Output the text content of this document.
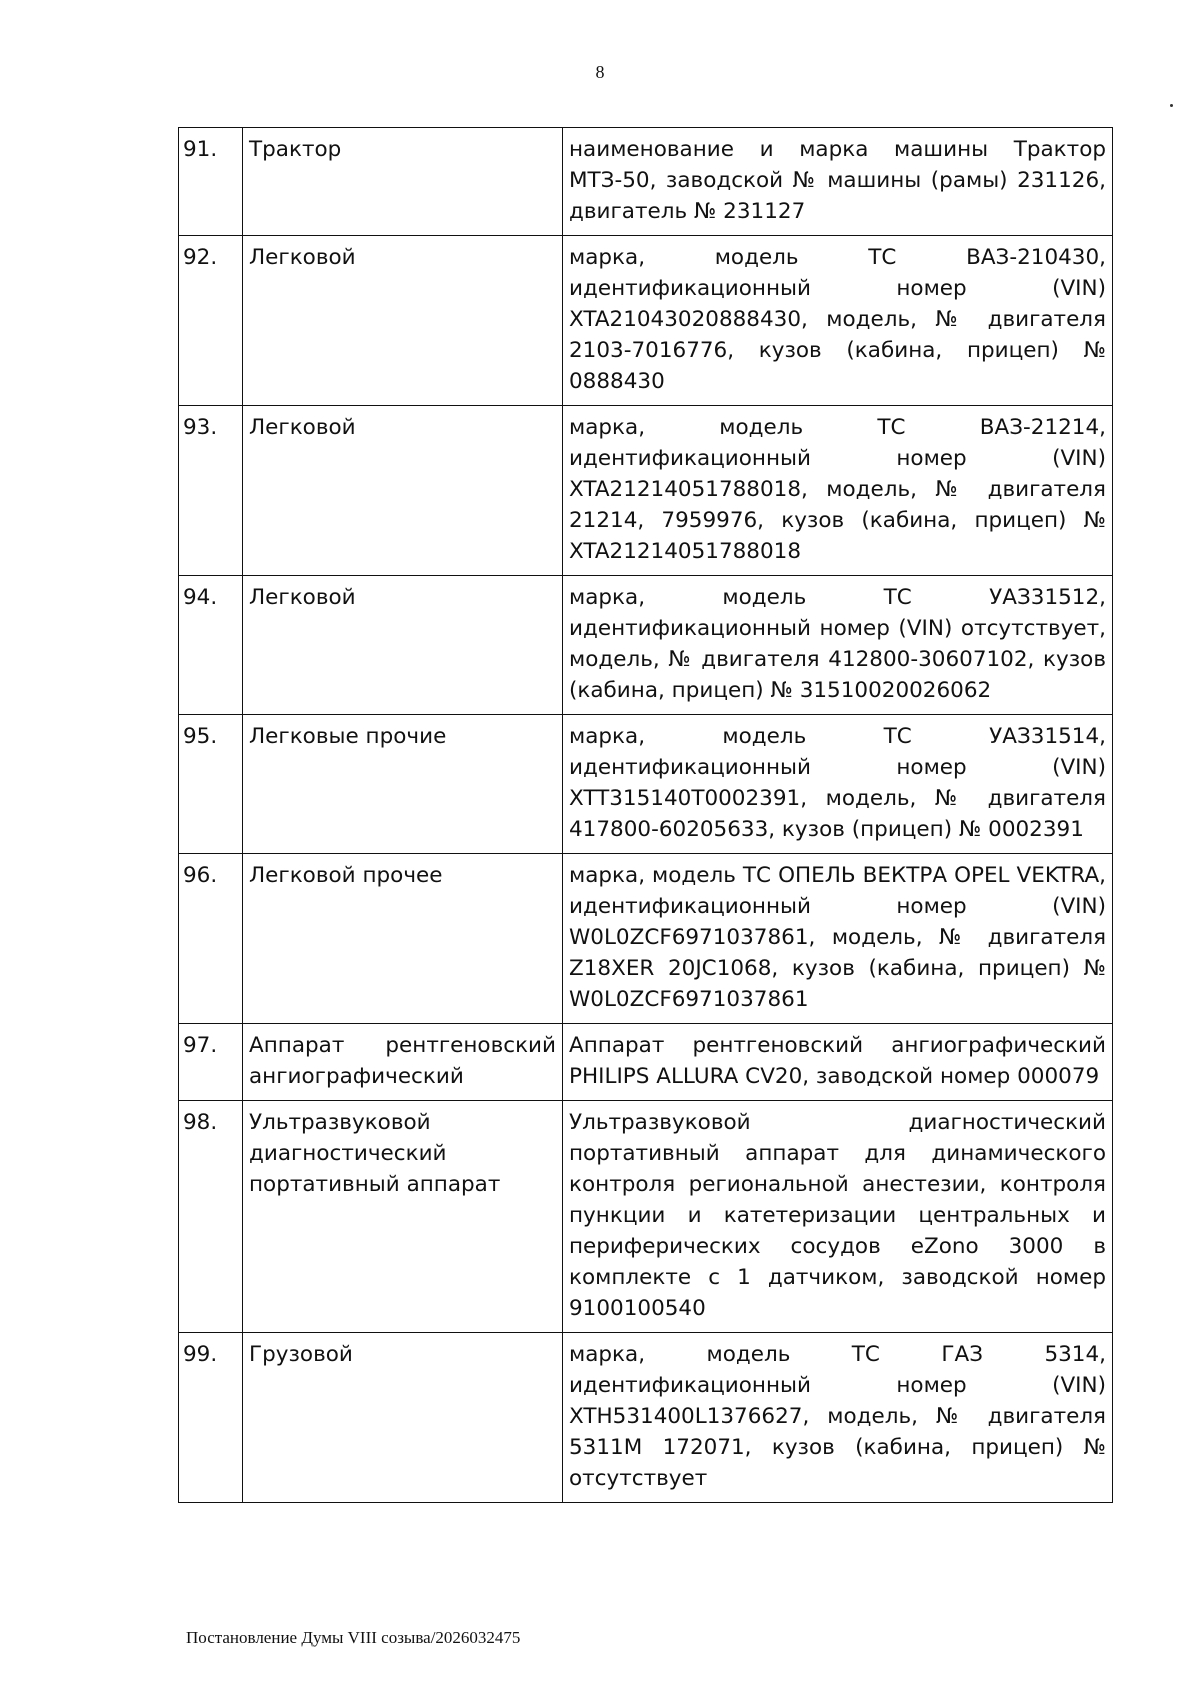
8
91.	Трактор	наименование и марка машины Трактор МТЗ-50, заводской № машины (рамы) 231126, двигатель № 231127
92.	Легковой	марка, модель ТС ВАЗ-210430, идентификационный номер (VIN) XTA21043020888430, модель, № двигателя 2103-7016776, кузов (кабина, прицеп) № 0888430
93.	Легковой	марка, модель ТС ВАЗ-21214, идентификационный номер (VIN) XTA21214051788018, модель, № двигателя 21214, 7959976, кузов (кабина, прицеп) № XTA21214051788018
94.	Легковой	марка, модель ТС УАЗ31512, идентификационный номер (VIN) отсутствует, модель, № двигателя 412800-30607102, кузов (кабина, прицеп) № 31510020026062
95.	Легковые прочие	марка, модель ТС УАЗ31514, идентификационный номер (VIN) XTT315140T0002391, модель, № двигателя 417800-60205633, кузов (прицеп) № 0002391
96.	Легковой прочее	марка, модель ТС ОПЕЛЬ ВЕКТРА OPEL VEKTRA, идентификационный номер (VIN) W0L0ZCF6971037861, модель, № двигателя Z18XER 20JC1068, кузов (кабина, прицеп) № W0L0ZCF6971037861
97.	Аппарат рентгеновский ангиографический	Аппарат рентгеновский ангиографический PHILIPS ALLURA CV20, заводской номер 000079
98.	Ультразвуковой диагностический портативный аппарат	Ультразвуковой диагностический портативный аппарат для динамического контроля региональной анестезии, контроля пункции и катетеризации центральных и периферических сосудов eZono 3000 в комплекте с 1 датчиком, заводской номер 9100100540
99.	Грузовой	марка, модель ТС ГАЗ 5314, идентификационный номер (VIN) XTH531400L1376627, модель, № двигателя 5311М 172071, кузов (кабина, прицеп) № отсутствует
Постановление Думы VIII созыва/2026032475
